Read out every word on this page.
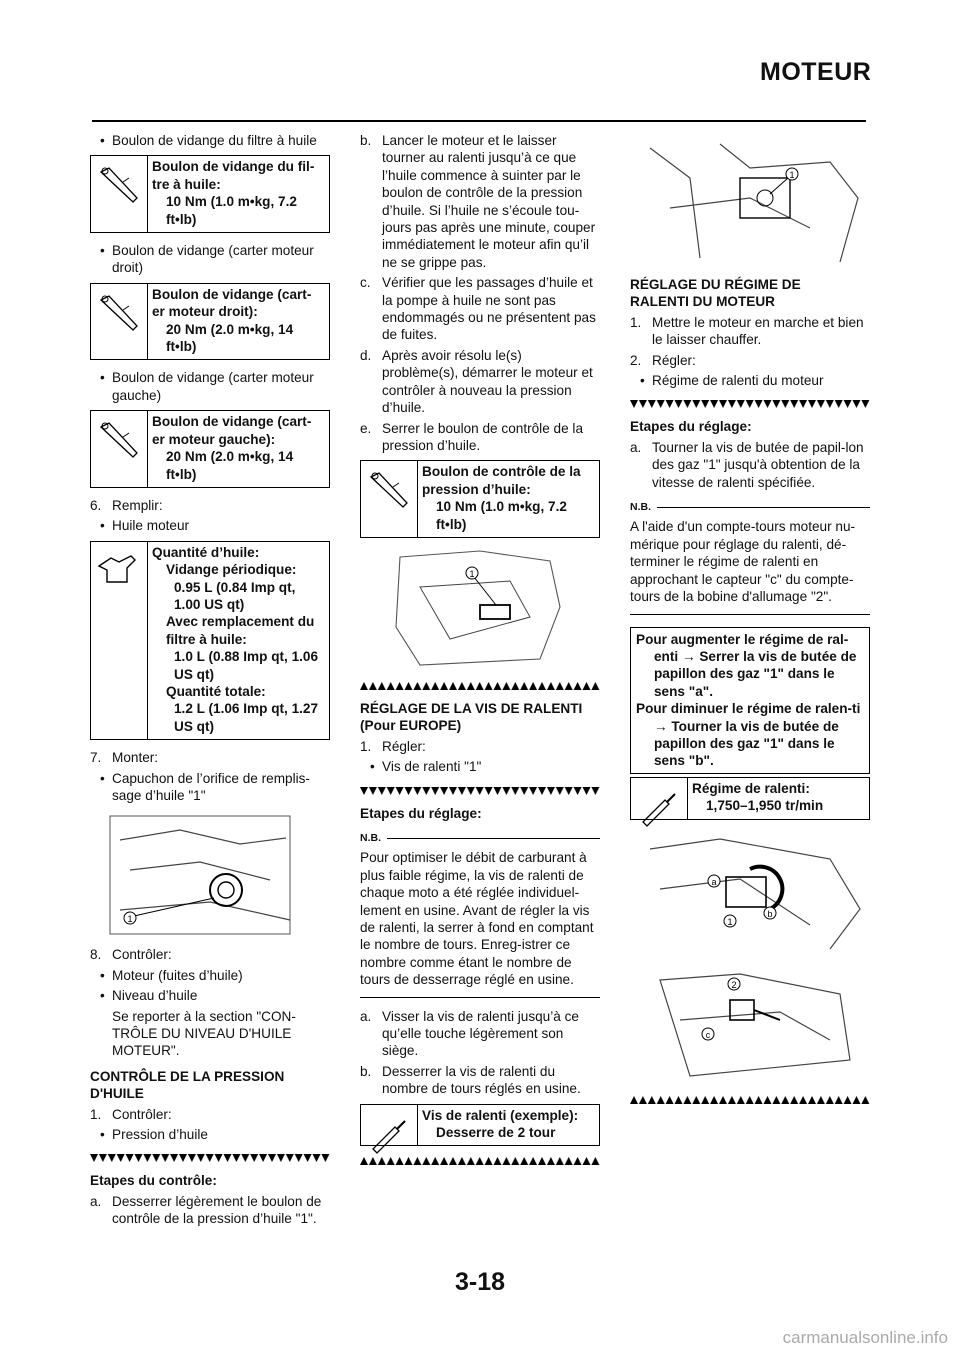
MOTEUR
• Boulon de vidange du filtre à huile
Boulon de vidange du fil-
tre à huile:
10 Nm (1.0 m•kg, 7.2
ft•lb)
• Boulon de vidange (carter moteur droit)
Boulon de vidange (cart-
er moteur droit):
20 Nm (2.0 m•kg, 14
ft•lb)
• Boulon de vidange (carter moteur gauche)
Boulon de vidange (cart-
er moteur gauche):
20 Nm (2.0 m•kg, 14
ft•lb)
6. Remplir:
• Huile moteur
Quantité d’huile:
Vidange périodique:
0.95 L (0.84 Imp qt,
1.00 US qt)
Avec remplacement du
filtre à huile:
1.0 L (0.88 Imp qt, 1.06
US qt)
Quantité totale:
1.2 L (1.06 Imp qt, 1.27
US qt)
7. Monter:
• Capuchon de l’orifice de remplis-sage d’huile "1"
1
8. Contrôler:
• Moteur (fuites d’huile)
• Niveau d’huile
Se reporter à la section "CON-TRÔLE DU NIVEAU D'HUILE MOTEUR".
CONTRÔLE DE LA PRESSION D'HUILE
1. Contrôler:
• Pression d’huile
Etapes du contrôle:
a. Desserrer légèrement le boulon de contrôle de la pression d’huile "1".
b. Lancer le moteur et le laisser tourner au ralenti jusqu’à ce que l’huile commence à suinter par le boulon de contrôle de la pression d’huile. Si l’huile ne s’écoule tou-jours pas après une minute, couper immédiatement le moteur afin qu’il ne se grippe pas.
c. Vérifier que les passages d’huile et la pompe à huile ne sont pas endommagés ou ne présentent pas de fuites.
d. Après avoir résolu le(s) problème(s), démarrer le moteur et contrôler à nouveau la pression d’huile.
e. Serrer le boulon de contrôle de la pression d’huile.
Boulon de contrôle de la
pression d’huile:
10 Nm (1.0 m•kg, 7.2
ft•lb)
1
RÉGLAGE DE LA VIS DE RALENTI
(Pour EUROPE)
1. Régler:
• Vis de ralenti "1"
Etapes du réglage:
N.B.
Pour optimiser le débit de carburant à plus faible régime, la vis de ralenti de chaque moto a été réglée individuel-lement en usine. Avant de régler la vis de ralenti, la serrer à fond en comptant le nombre de tours. Enreg-istrer ce nombre comme étant le nombre de tours de desserrage réglé en usine.
a. Visser la vis de ralenti jusqu’à ce qu’elle touche légèrement son siège.
b. Desserrer la vis de ralenti du nombre de tours réglés en usine.
Vis de ralenti (exemple):
Desserre de 2 tour
1
RÉGLAGE DU RÉGIME DE
RALENTI DU MOTEUR
1. Mettre le moteur en marche et bien le laisser chauffer.
2. Régler:
• Régime de ralenti du moteur
Etapes du réglage:
a. Tourner la vis de butée de papil-lon des gaz "1" jusqu'à obtention de la vitesse de ralenti spécifiée.
N.B.
A l'aide d'un compte-tours moteur nu-mérique pour réglage du ralenti, dé-terminer le régime de ralenti en approchant le capteur "c" du compte-tours de la bobine d'allumage "2".

Pour augmenter le régime de ral-enti → Serrer la vis de butée de papillon des gaz "1" dans le sens "a".

Pour diminuer le régime de ralen-ti → Tourner la vis de butée de papillon des gaz "1" dans le sens "b".

Régime de ralenti:
1,750–1,950 tr/min
a
1
b
2
c
3-18
carmanualsonline.info
